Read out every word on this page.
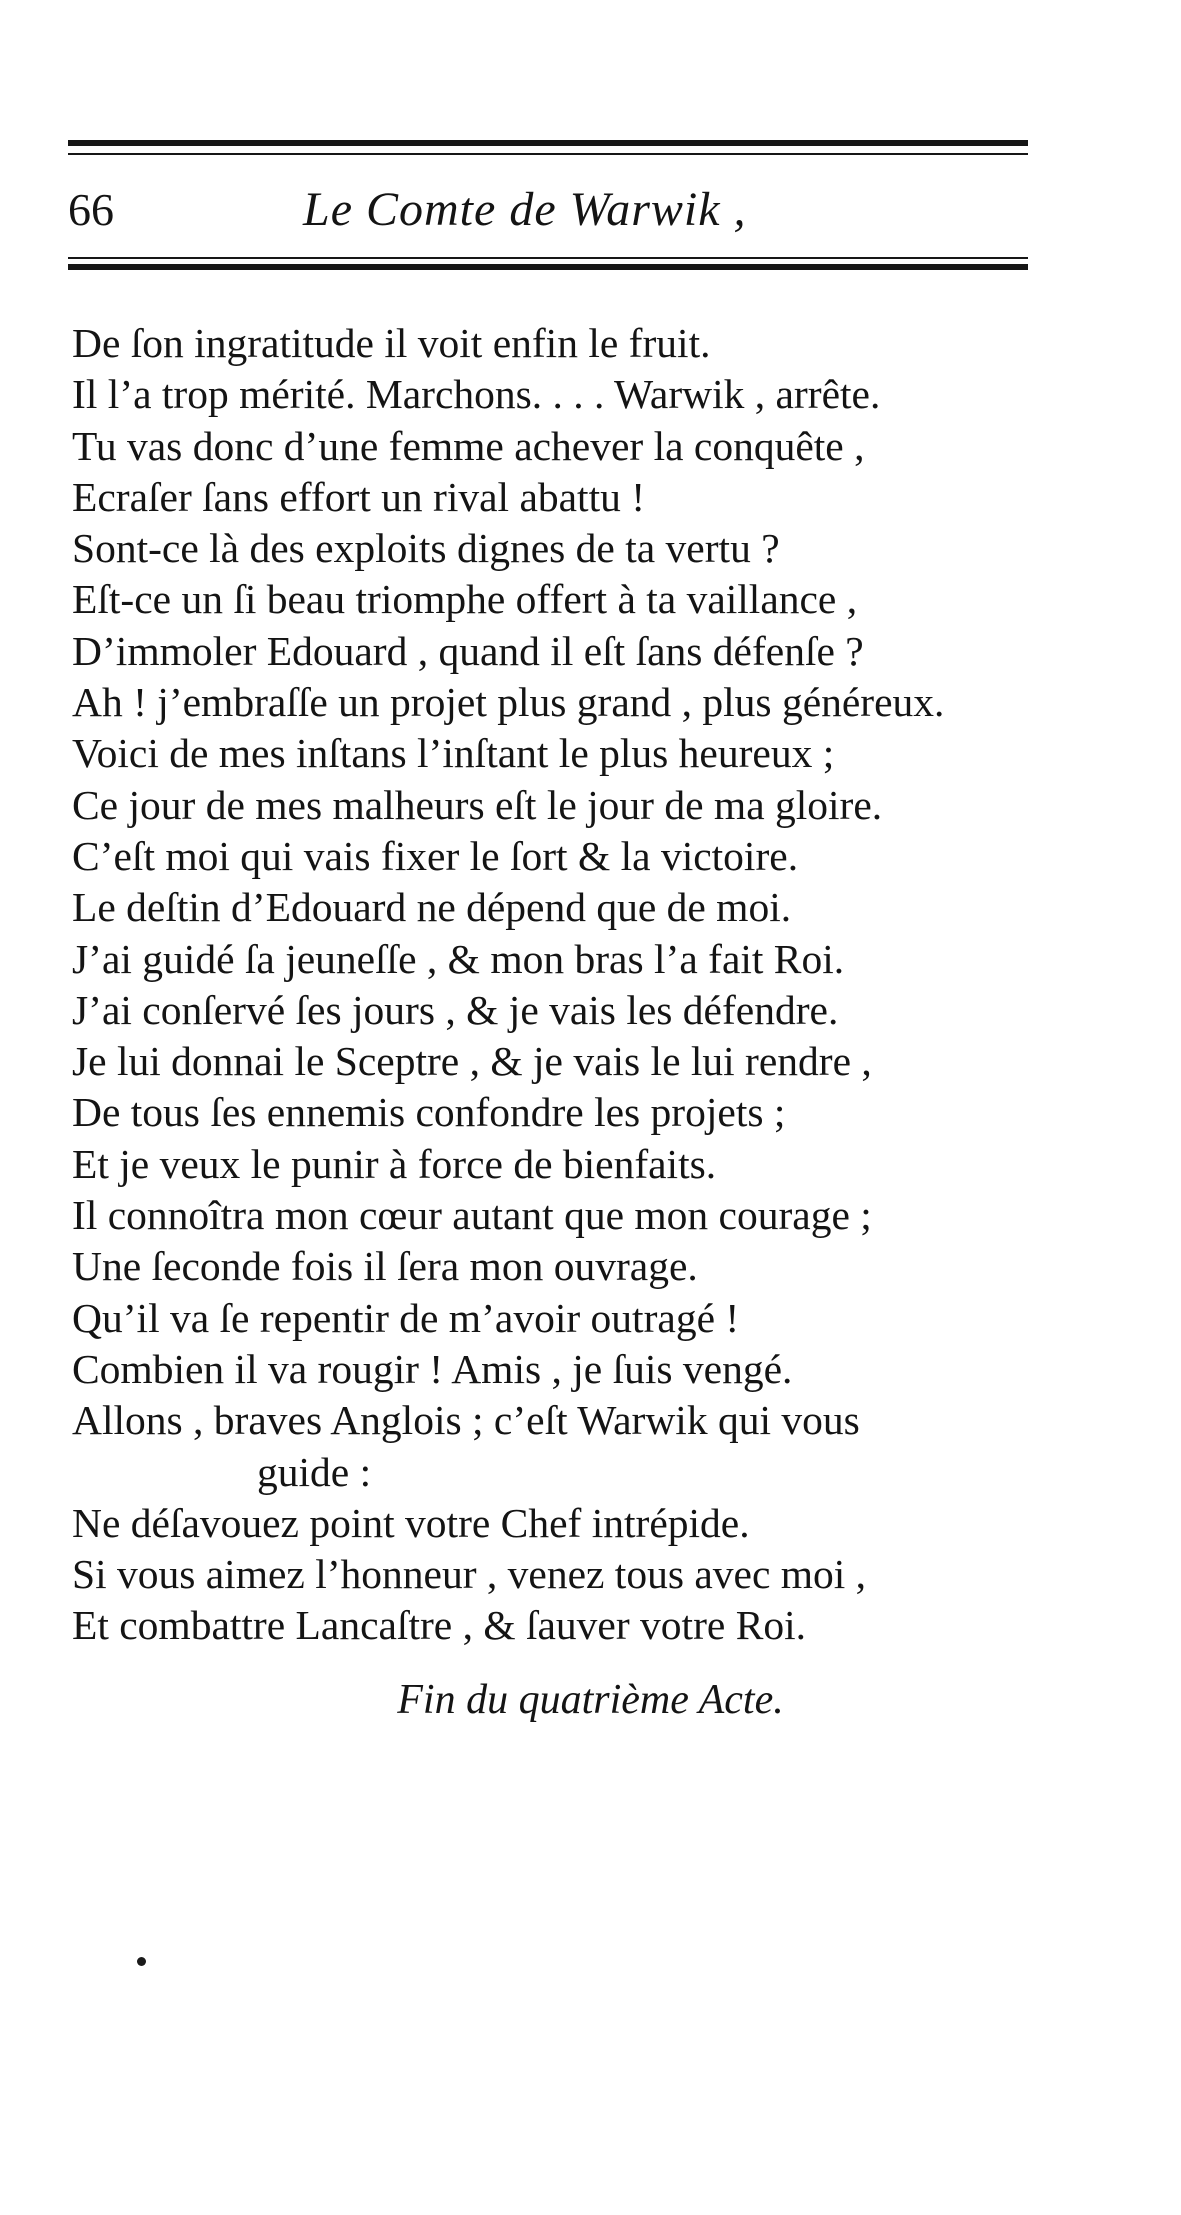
66	Le Comte de Warwik ,
De ſon ingratitude il voit enfin le fruit.
Il l’a trop mérité. Marchons. . . . Warwik , arrête.
Tu vas donc d’une femme achever la conquête ,
Ecraſer ſans effort un rival abattu !
Sont-ce là des exploits dignes de ta vertu ?
Eſt-ce un ſi beau triomphe offert à ta vaillance ,
D’immoler Edouard , quand il eſt ſans défenſe ?
Ah ! j’embraſſe un projet plus grand , plus généreux.
Voici de mes inſtans l’inſtant le plus heureux ;
Ce jour de mes malheurs eſt le jour de ma gloire.
C’eſt moi qui vais fixer le ſort & la victoire.
Le deſtin d’Edouard ne dépend que de moi.
J’ai guidé ſa jeuneſſe , & mon bras l’a fait Roi.
J’ai conſervé ſes jours , & je vais les défendre.
Je lui donnai le Sceptre , & je vais le lui rendre ,
De tous ſes ennemis confondre les projets ;
Et je veux le punir à force de bienfaits.
Il connoîtra mon cœur autant que mon courage ;
Une ſeconde fois il ſera mon ouvrage.
Qu’il va ſe repentir de m’avoir outragé !
Combien il va rougir ! Amis , je ſuis vengé.
Allons , braves Anglois ; c’eſt Warwik qui vous
guide :
Ne déſavouez point votre Chef intrépide.
Si vous aimez l’honneur , venez tous avec moi ,
Et combattre Lancaſtre , & ſauver votre Roi.
Fin du quatrième Acte.
